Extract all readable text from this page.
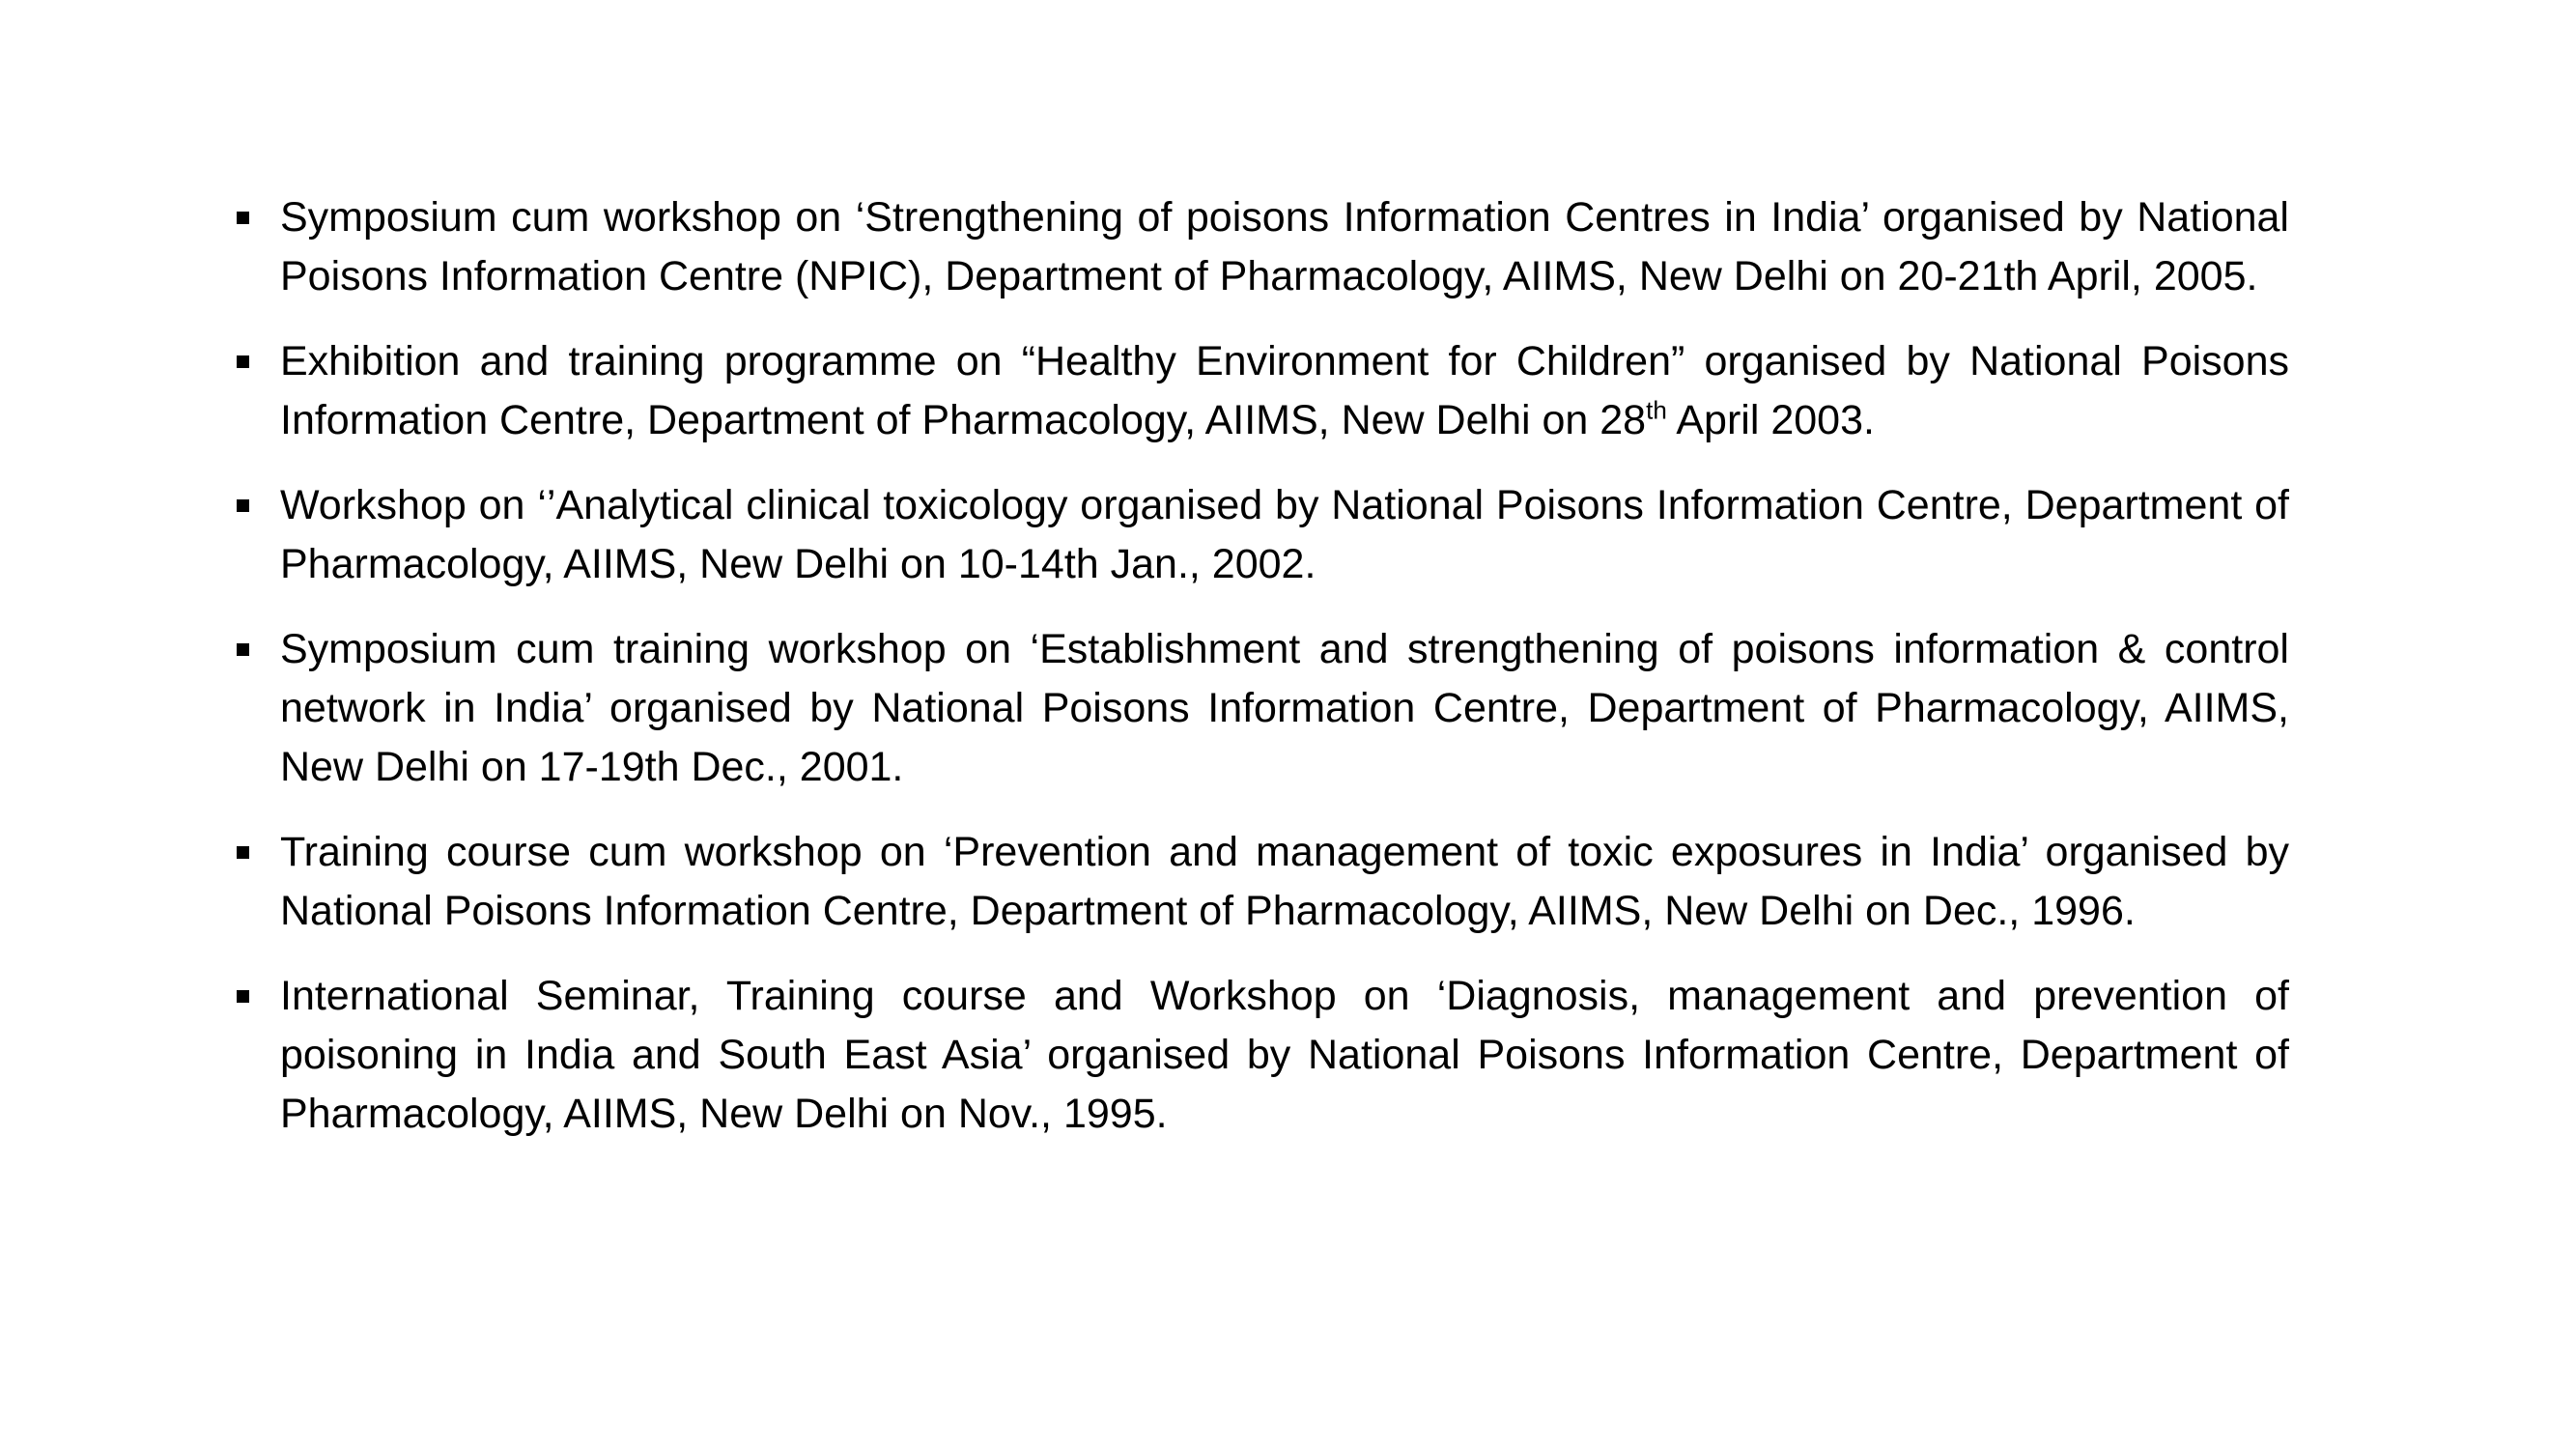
Symposium cum workshop on ‘Strengthening of poisons Information Centres in India’ organised by National Poisons Information Centre (NPIC), Department of Pharmacology, AIIMS, New Delhi on 20-21th April, 2005.
Exhibition and training programme on “Healthy Environment for Children” organised by National Poisons Information Centre, Department of Pharmacology, AIIMS, New Delhi on 28th April 2003.
Workshop on ‘’Analytical clinical toxicology organised by National Poisons Information Centre, Department of Pharmacology, AIIMS, New Delhi on 10-14th Jan., 2002.
Symposium cum training workshop on ‘Establishment and strengthening of poisons information & control network in India’ organised by National Poisons Information Centre, Department of Pharmacology, AIIMS, New Delhi on 17-19th Dec., 2001.
Training course cum workshop on ‘Prevention and management of toxic exposures in India’ organised by National Poisons Information Centre, Department of Pharmacology, AIIMS, New Delhi on Dec., 1996.
International Seminar, Training course and Workshop on ‘Diagnosis, management and prevention of poisoning in India and South East Asia’ organised by National Poisons Information Centre, Department of Pharmacology, AIIMS, New Delhi on Nov., 1995.
